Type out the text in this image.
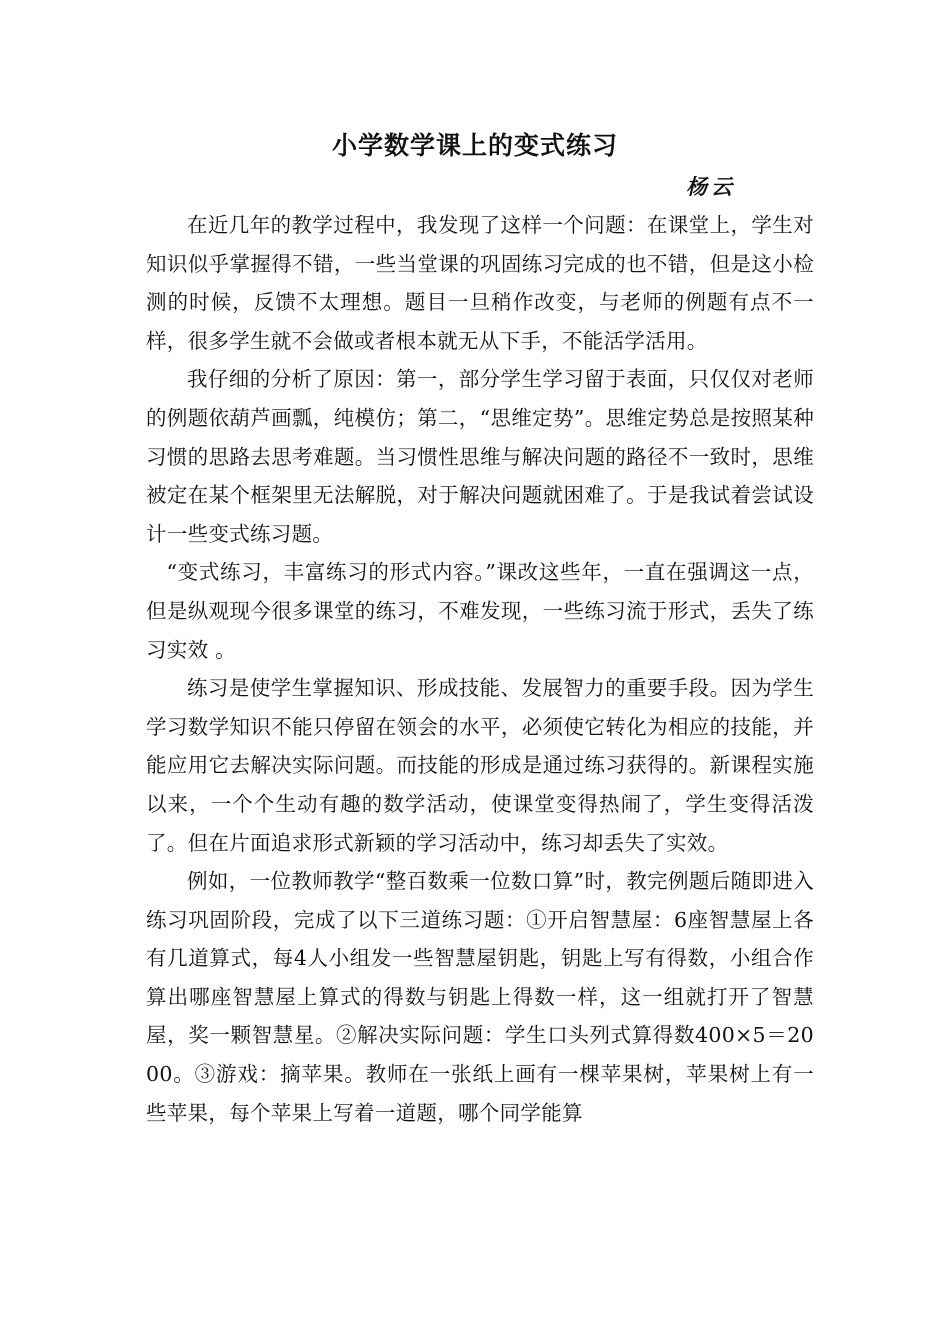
小学数学课上的变式练习

杨云

在近几年的教学过程中，我发现了这样一个问题：在课堂上，学生对知识似乎掌握得不错，一些当堂课的巩固练习完成的也不错，但是这小检测的时候，反馈不太理想。题目一旦稍作改变，与老师的例题有点不一样，很多学生就不会做或者根本就无从下手，不能活学活用。

我仔细的分析了原因：第一，部分学生学习留于表面，只仅仅对老师的例题依葫芦画瓢，纯模仿；第二，“思维定势”。思维定势总是按照某种习惯的思路去思考难题。当习惯性思维与解决问题的路径不一致时，思维被定在某个框架里无法解脱，对于解决问题就困难了。于是我试着尝试设计一些变式练习题。

“变式练习，丰富练习的形式内容。”课改这些年，一直在强调这一点，但是纵观现今很多课堂的练习，不难发现，一些练习流于形式，丢失了练习实效 。

练习是使学生掌握知识、形成技能、发展智力的重要手段。因为学生学习数学知识不能只停留在领会的水平，必须使它转化为相应的技能，并能应用它去解决实际问题。而技能的形成是通过练习获得的。新课程实施以来，一个个生动有趣的数学活动，使课堂变得热闹了，学生变得活泼了。但在片面追求形式新颖的学习活动中，练习却丢失了实效。

例如，一位教师教学“整百数乘一位数口算”时，教完例题后随即进入练习巩固阶段，完成了以下三道练习题：①开启智慧屋：6座智慧屋上各有几道算式，每4人小组发一些智慧屋钥匙，钥匙上写有得数，小组合作算出哪座智慧屋上算式的得数与钥匙上得数一样，这一组就打开了智慧屋，奖一颗智慧星。②解决实际问题：学生口头列式算得数400×5＝2000。③游戏：摘苹果。教师在一张纸上画有一棵苹果树，苹果树上有一些苹果，每个苹果上写着一道题，哪个同学能算
